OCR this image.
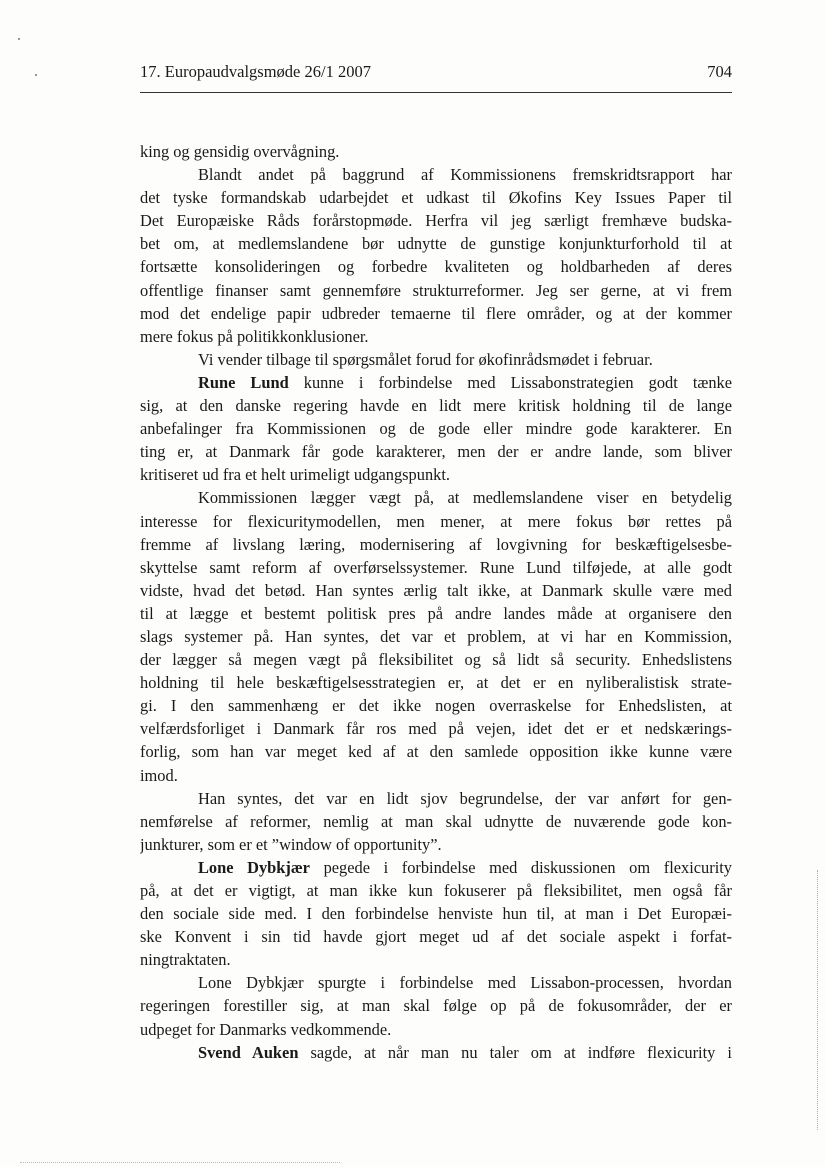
17. Europaudvalgsmøde 26/1 2007	704
king og gensidig overvågning.
Blandt andet på baggrund af Kommissionens fremskridtsrapport har
det tyske formandskab udarbejdet et udkast til Økofins Key Issues Paper til
Det Europæiske Råds forårstopmøde. Herfra vil jeg særligt fremhæve budska-
bet om, at medlemslandene bør udnytte de gunstige konjunkturforhold til at
fortsætte konsolideringen og forbedre kvaliteten og holdbarheden af deres
offentlige finanser samt gennemføre strukturreformer. Jeg ser gerne, at vi frem
mod det endelige papir udbreder temaerne til flere områder, og at der kommer
mere fokus på politikkonklusioner.
Vi vender tilbage til spørgsmålet forud for økofinrådsmødet i februar.
Rune Lund kunne i forbindelse med Lissabonstrategien godt tænke
sig, at den danske regering havde en lidt mere kritisk holdning til de lange
anbefalinger fra Kommissionen og de gode eller mindre gode karakterer. En
ting er, at Danmark får gode karakterer, men der er andre lande, som bliver
kritiseret ud fra et helt urimeligt udgangspunkt.
Kommissionen lægger vægt på, at medlemslandene viser en betydelig
interesse for flexicuritymodellen, men mener, at mere fokus bør rettes på
fremme af livslang læring, modernisering af lovgivning for beskæftigelsesbe-
skyttelse samt reform af overførselssystemer. Rune Lund tilføjede, at alle godt
vidste, hvad det betød. Han syntes ærlig talt ikke, at Danmark skulle være med
til at lægge et bestemt politisk pres på andre landes måde at organisere den
slags systemer på. Han syntes, det var et problem, at vi har en Kommission,
der lægger så megen vægt på fleksibilitet og så lidt så security. Enhedslistens
holdning til hele beskæftigelsesstrategien er, at det er en nyliberalistisk strate-
gi. I den sammenhæng er det ikke nogen overraskelse for Enhedslisten, at
velfærdsforliget i Danmark får ros med på vejen, idet det er et nedskærings-
forlig, som han var meget ked af at den samlede opposition ikke kunne være
imod.
Han syntes, det var en lidt sjov begrundelse, der var anført for gen-
nemførelse af reformer, nemlig at man skal udnytte de nuværende gode kon-
junkturer, som er et ”window of opportunity”.
Lone Dybkjær pegede i forbindelse med diskussionen om flexicurity
på, at det er vigtigt, at man ikke kun fokuserer på fleksibilitet, men også får
den sociale side med. I den forbindelse henviste hun til, at man i Det Europæi-
ske Konvent i sin tid havde gjort meget ud af det sociale aspekt i forfat-
ningtraktaten.
Lone Dybkjær spurgte i forbindelse med Lissabon-processen, hvordan
regeringen forestiller sig, at man skal følge op på de fokusområder, der er
udpeget for Danmarks vedkommende.
Svend Auken sagde, at når man nu taler om at indføre flexicurity i
